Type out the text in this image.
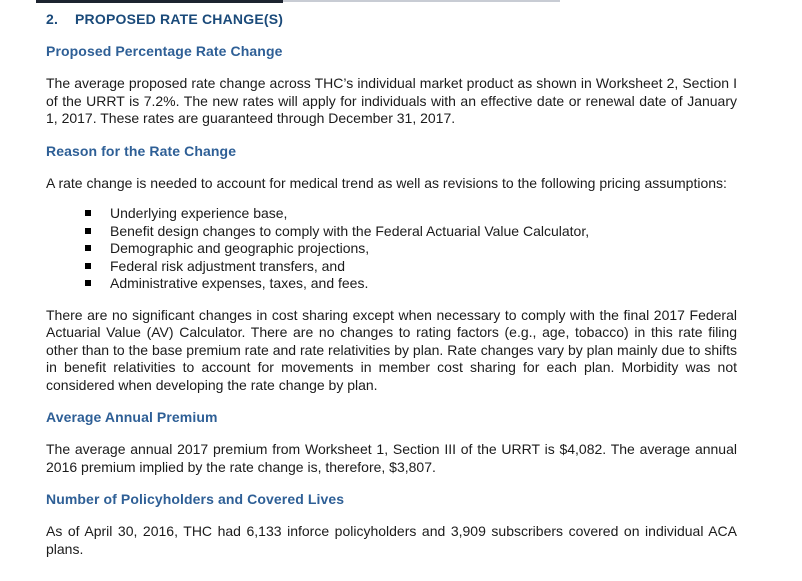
2.	PROPOSED RATE CHANGE(S)
Proposed Percentage Rate Change

The average proposed rate change across THC’s individual market product as shown in Worksheet 2, Section I of the URRT is 7.2%. The new rates will apply for individuals with an effective date or renewal date of January 1, 2017. These rates are guaranteed through December 31, 2017.

Reason for the Rate Change

A rate change is needed to account for medical trend as well as revisions to the following pricing assumptions:

Underlying experience base,
Benefit design changes to comply with the Federal Actuarial Value Calculator,
Demographic and geographic projections,
Federal risk adjustment transfers, and
Administrative expenses, taxes, and fees.

There are no significant changes in cost sharing except when necessary to comply with the final 2017 Federal Actuarial Value (AV) Calculator. There are no changes to rating factors (e.g., age, tobacco) in this rate filing other than to the base premium rate and rate relativities by plan. Rate changes vary by plan mainly due to shifts in benefit relativities to account for movements in member cost sharing for each plan. Morbidity was not considered when developing the rate change by plan.

Average Annual Premium

The average annual 2017 premium from Worksheet 1, Section III of the URRT is $4,082. The average annual 2016 premium implied by the rate change is, therefore, $3,807.

Number of Policyholders and Covered Lives

As of April 30, 2016, THC had 6,133 inforce policyholders and 3,909 subscribers covered on individual ACA plans.
